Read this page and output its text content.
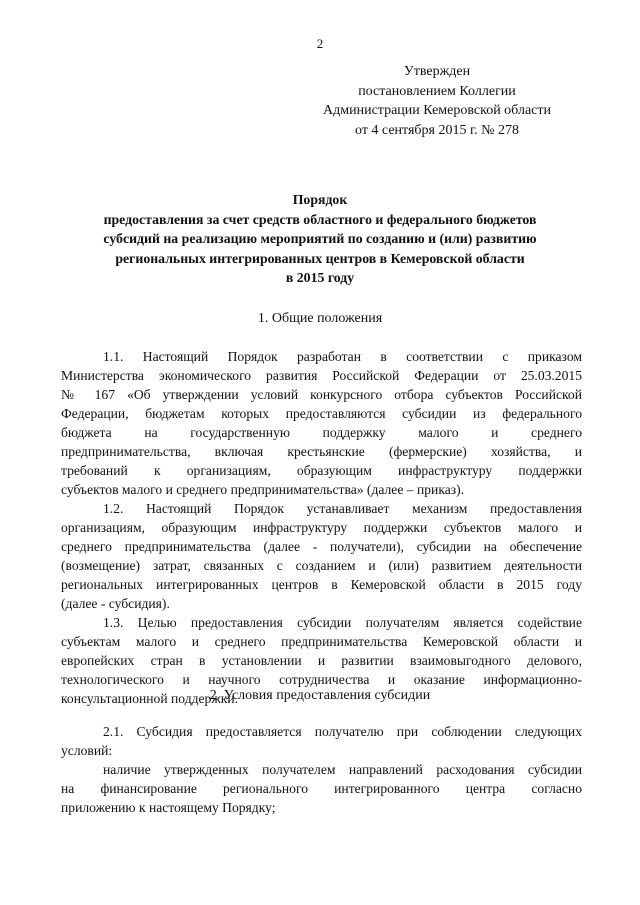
2
Утвержден
постановлением Коллегии
Администрации Кемеровской области
от 4 сентября 2015 г. № 278
Порядок
предоставления за счет средств областного и федерального бюджетов
субсидий на реализацию мероприятий по созданию и (или) развитию
региональных интегрированных центров в Кемеровской области
в 2015 году
1. Общие положения
1.1. Настоящий Порядок разработан в соответствии с приказом
Министерства экономического развития Российской Федерации от 25.03.2015
№ 167 «Об утверждении условий конкурсного отбора субъектов Российской
Федерации, бюджетам которых предоставляются субсидии из федерального
бюджета на государственную поддержку малого и среднего
предпринимательства, включая крестьянские (фермерские) хозяйства, и
требований к организациям, образующим инфраструктуру поддержки
субъектов малого и среднего предпринимательства» (далее – приказ).
1.2. Настоящий Порядок устанавливает механизм предоставления
организациям, образующим инфраструктуру поддержки субъектов малого и
среднего предпринимательства (далее - получатели), субсидии на обеспечение
(возмещение) затрат, связанных с созданием и (или) развитием деятельности
региональных интегрированных центров в Кемеровской области в 2015 году
(далее - субсидия).
1.3. Целью предоставления субсидии получателям является содействие
субъектам малого и среднего предпринимательства Кемеровской области и
европейских стран в установлении и развитии взаимовыгодного делового,
технологического и научного сотрудничества и оказание информационно-
консультационной поддержки.
2. Условия предоставления субсидии
2.1. Субсидия предоставляется получателю при соблюдении следующих
условий:
наличие утвержденных получателем направлений расходования субсидии
на финансирование регионального интегрированного центра согласно
приложению к настоящему Порядку;
